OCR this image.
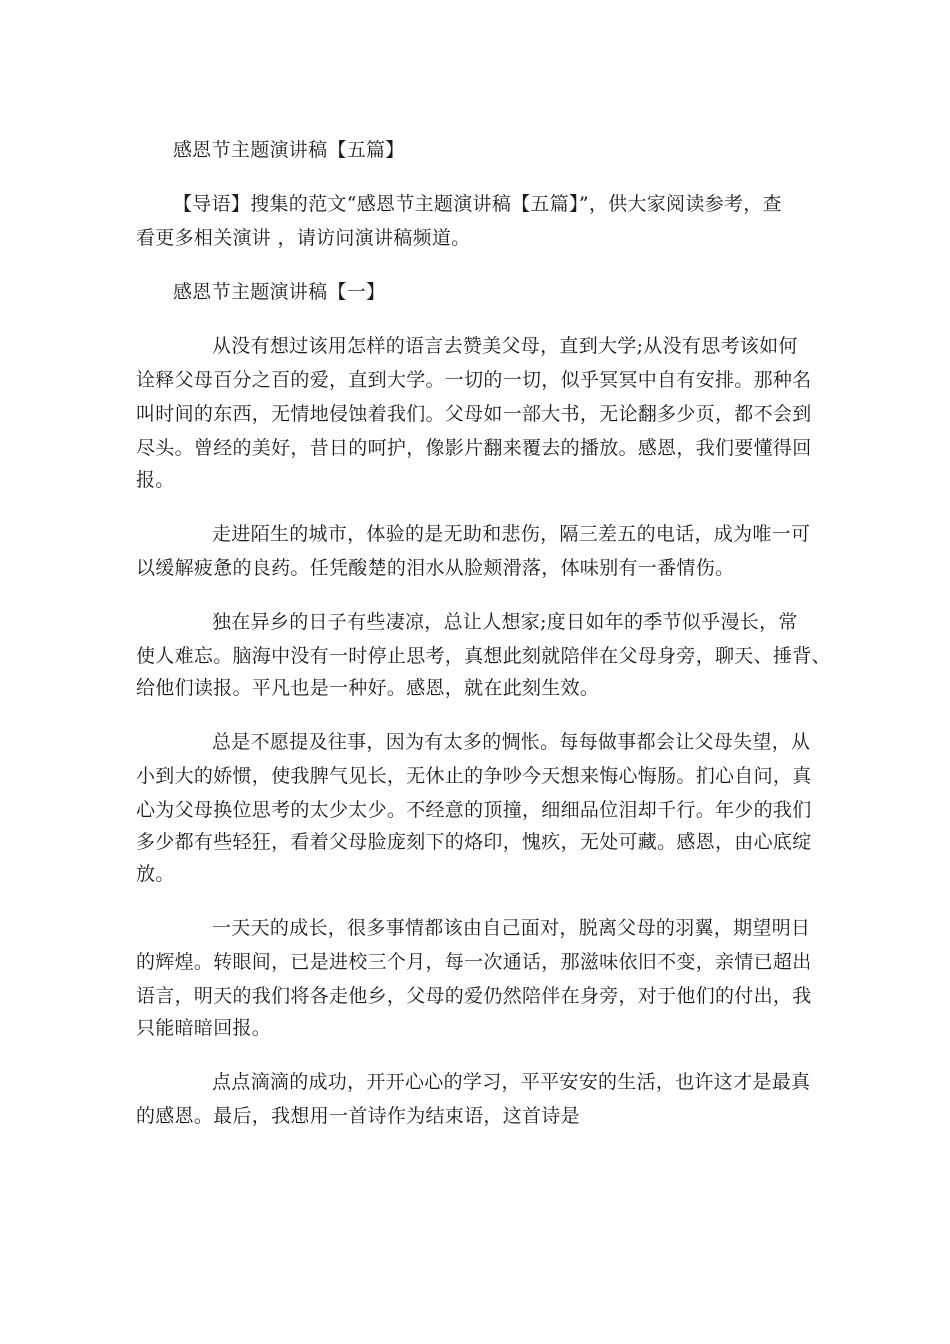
感恩节主题演讲稿【五篇】
【导语】搜集的范文“感恩节主题演讲稿【五篇】”，供大家阅读参考，查
看更多相关演讲 ，请访问演讲稿频道。
感恩节主题演讲稿【一】
从没有想过该用怎样的语言去赞美父母，直到大学;从没有思考该如何
诠释父母百分之百的爱，直到大学。一切的一切，似乎冥冥中自有安排。那种名
叫时间的东西，无情地侵蚀着我们。父母如一部大书，无论翻多少页，都不会到
尽头。曾经的美好，昔日的呵护，像影片翻来覆去的播放。感恩，我们要懂得回
报。
走进陌生的城市，体验的是无助和悲伤，隔三差五的电话，成为唯一可
以缓解疲惫的良药。任凭酸楚的泪水从脸颊滑落，体味别有一番情伤。
独在异乡的日子有些凄凉，总让人想家;度日如年的季节似乎漫长，常
使人难忘。脑海中没有一时停止思考，真想此刻就陪伴在父母身旁，聊天、捶背、
给他们读报。平凡也是一种好。感恩，就在此刻生效。
总是不愿提及往事，因为有太多的惆怅。每每做事都会让父母失望，从
小到大的娇惯，使我脾气见长，无休止的争吵今天想来悔心悔肠。扪心自问，真
心为父母换位思考的太少太少。不经意的顶撞，细细品位泪却千行。年少的我们
多少都有些轻狂，看着父母脸庞刻下的烙印，愧疚，无处可藏。感恩，由心底绽
放。
一天天的成长，很多事情都该由自己面对，脱离父母的羽翼，期望明日
的辉煌。转眼间，已是进校三个月，每一次通话，那滋味依旧不变，亲情已超出
语言，明天的我们将各走他乡，父母的爱仍然陪伴在身旁，对于他们的付出，我
只能暗暗回报。
点点滴滴的成功，开开心心的学习，平平安安的生活，也许这才是最真
的感恩。最后，我想用一首诗作为结束语，这首诗是
